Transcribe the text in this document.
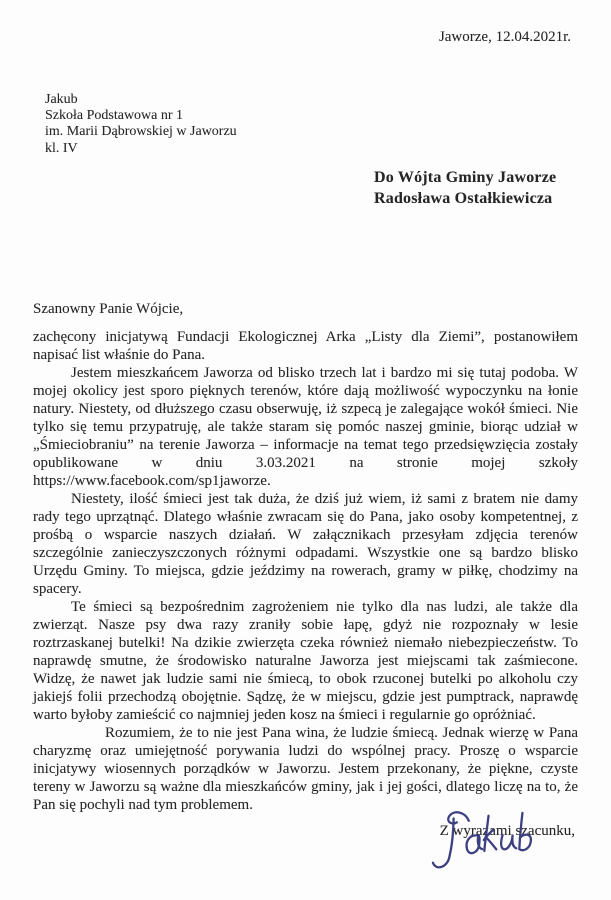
Jaworze, 12.04.2021r.
Jakub
Szkoła Podstawowa nr 1
im. Marii Dąbrowskiej w Jaworzu
kl. IV
Do Wójta Gminy Jaworze
Radosława Ostałkiewicza
Szanowny Panie Wójcie,

zachęcony inicjatywą Fundacji Ekologicznej Arka „Listy dla Ziemi”, postanowiłem napisać list właśnie do Pana.

Jestem mieszkańcem Jaworza od blisko trzech lat i bardzo mi się tutaj podoba. W mojej okolicy jest sporo pięknych terenów, które dają możliwość wypoczynku na łonie natury. Niestety, od dłuższego czasu obserwuję, iż szpecą je zalegające wokół śmieci. Nie tylko się temu przypatruję, ale także staram się pomóc naszej gminie, biorąc udział w „Śmieciobraniu” na terenie Jaworza – informacje na temat tego przedsięwzięcia zostały opublikowane w dniu 3.03.2021 na stronie mojej szkoły https://www.facebook.com/sp1jaworze.

Niestety, ilość śmieci jest tak duża, że dziś już wiem, iż sami z bratem nie damy rady tego uprzątnąć. Dlatego właśnie zwracam się do Pana, jako osoby kompetentnej, z prośbą o wsparcie naszych działań. W załącznikach przesyłam zdjęcia terenów szczególnie zanieczyszczonych różnymi odpadami. Wszystkie one są bardzo blisko Urzędu Gminy. To miejsca, gdzie jeździmy na rowerach, gramy w piłkę, chodzimy na spacery.

Te śmieci są bezpośrednim zagrożeniem nie tylko dla nas ludzi, ale także dla zwierząt. Nasze psy dwa razy zraniły sobie łapę, gdyż nie rozpoznały w lesie roztrzaskanej butelki! Na dzikie zwierzęta czeka również niemało niebezpieczeństw. To naprawdę smutne, że środowisko naturalne Jaworza jest miejscami tak zaśmiecone. Widzę, że nawet jak ludzie sami nie śmiecą, to obok rzuconej butelki po alkoholu czy jakiejś folii przechodzą obojętnie. Sądzę, że w miejscu, gdzie jest pumptrack, naprawdę warto byłoby zamieścić co najmniej jeden kosz na śmieci i regularnie go opróżniać.

Rozumiem, że to nie jest Pana wina, że ludzie śmiecą. Jednak wierzę w Pana charyzmę oraz umiejętność porywania ludzi do wspólnej pracy. Proszę o wsparcie inicjatywy wiosennych porządków w Jaworzu. Jestem przekonany, że piękne, czyste tereny w Jaworzu są ważne dla mieszkańców gminy, jak i jej gości, dlatego liczę na to, że Pan się pochyli nad tym problemem.

Z wyrazami szacunku,
